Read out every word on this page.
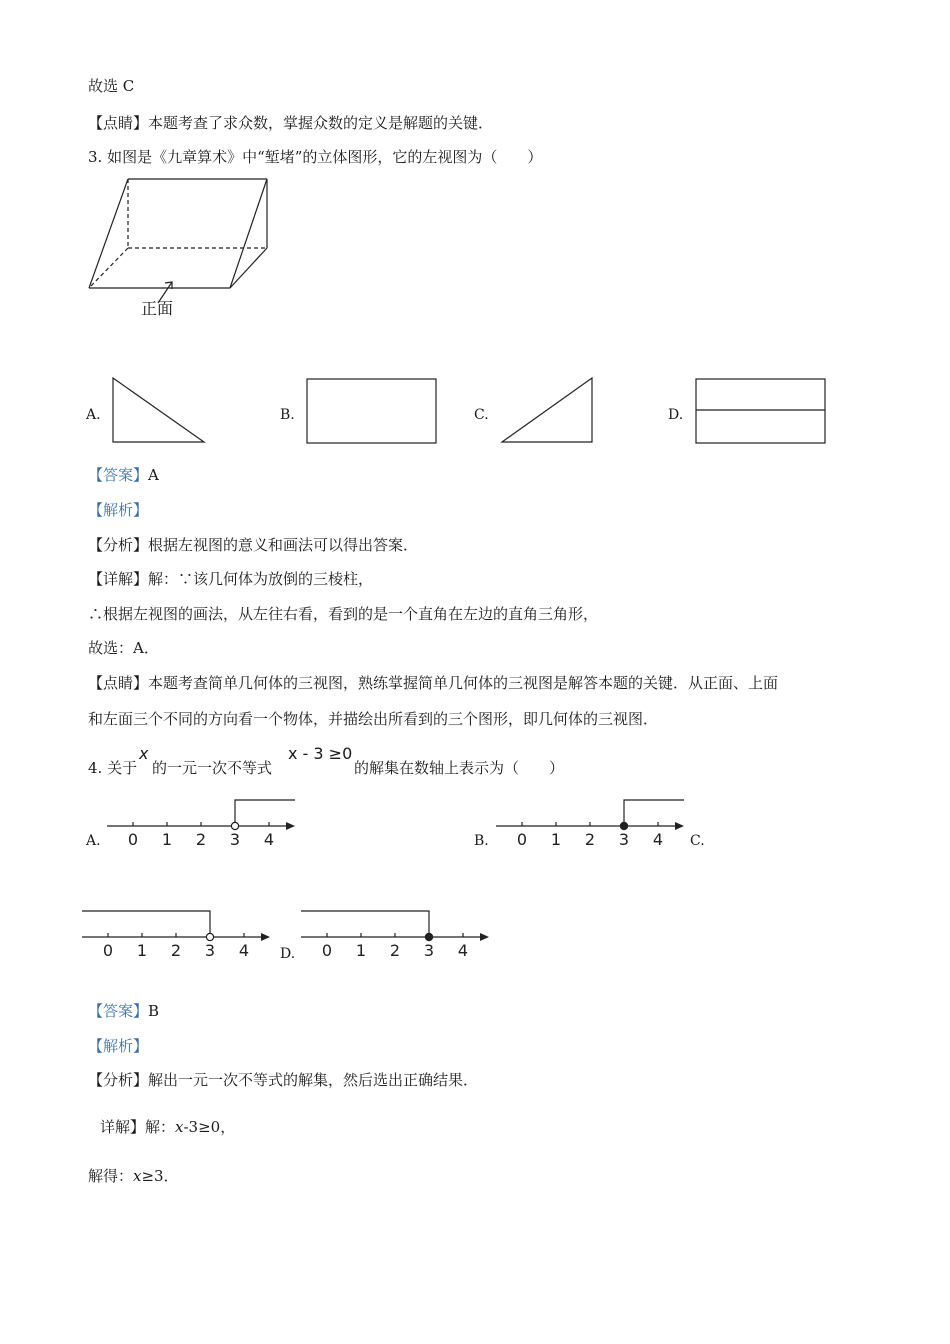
故选 C
【点睛】本题考查了求众数，掌握众数的定义是解题的关键．
3. 如图是《九章算术》中“堑堵”的立体图形，它的左视图为（　　）
正面
A.	B.	C.	D.
【答案】A
【解析】
【分析】根据左视图的意义和画法可以得出答案．
【详解】解：∵该几何体为放倒的三棱柱，
∴根据左视图的画法，从左往右看，看到的是一个直角在左边的直角三角形，
故选：A．
【点睛】本题考查简单几何体的三视图，熟练掌握简单几何体的三视图是解答本题的关键．从正面、上面
和左面三个不同的方向看一个物体，并描绘出所看到的三个图形，即几何体的三视图．
4. 关于
x
的一元一次不等式
x - 3 ≥0
的解集在数轴上表示为（　　）
A.	B.	C.
D.
0 1 2 3 4	0 1 2 3 4
0 1 2 3 4	0 1 2 3 4
【答案】B
【解析】
【分析】解出一元一次不等式的解集，然后选出正确结果．
详解】解：x-3≥0，
解得：x≥3．
